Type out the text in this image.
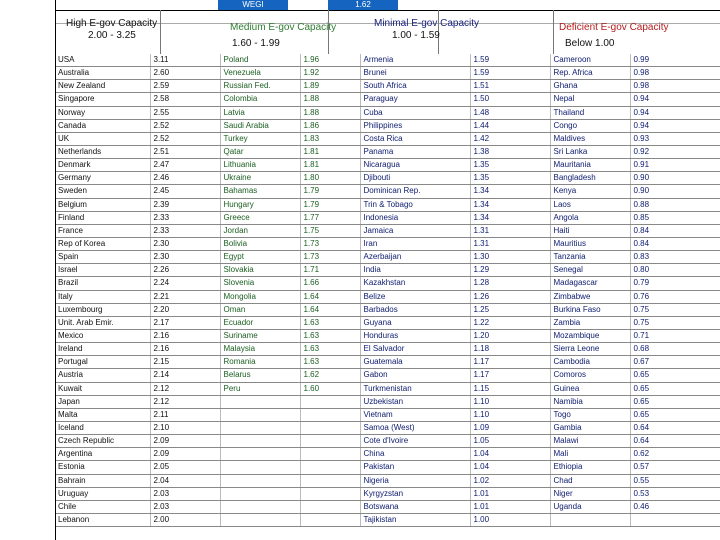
WEGI	1.62
High E-gov Capacity
2.00 - 3.25
Medium E-gov Capacity
1.60 - 1.99
Minimal E-gov Capacity
1.00 - 1.59
Deficient E-gov Capacity
Below 1.00
USA	3.11	Poland	1.96	Armenia	1.59	Cameroon	0.99
Australia	2.60	Venezuela	1.92	Brunei	1.59	Rep. Africa	0.98
New Zealand	2.59	Russian Fed.	1.89	South Africa	1.51	Ghana	0.98
Singapore	2.58	Colombia	1.88	Paraguay	1.50	Nepal	0.94
Norway	2.55	Latvia	1.88	Cuba	1.48	Thailand	0.94
Canada	2.52	Saudi Arabia	1.86	Philippines	1.44	Congo	0.94
UK	2.52	Turkey	1.83	Costa Rica	1.42	Maldives	0.93
Netherlands	2.51	Qatar	1.81	Panama	1.38	Sri Lanka	0.92
Denmark	2.47	Lithuania	1.81	Nicaragua	1.35	Mauritania	0.91
Germany	2.46	Ukraine	1.80	Djibouti	1.35	Bangladesh	0.90
Sweden	2.45	Bahamas	1.79	Dominican Rep.	1.34	Kenya	0.90
Belgium	2.39	Hungary	1.79	Trin & Tobago	1.34	Laos	0.88
Finland	2.33	Greece	1.77	Indonesia	1.34	Angola	0.85
France	2.33	Jordan	1.75	Jamaica	1.31	Haiti	0.84
Rep of Korea	2.30	Bolivia	1.73	Iran	1.31	Mauritius	0.84
Spain	2.30	Egypt	1.73	Azerbaijan	1.30	Tanzania	0.83
Israel	2.26	Slovakia	1.71	India	1.29	Senegal	0.80
Brazil	2.24	Slovenia	1.66	Kazakhstan	1.28	Madagascar	0.79
Italy	2.21	Mongolia	1.64	Belize	1.26	Zimbabwe	0.76
Luxembourg	2.20	Oman	1.64	Barbados	1.25	Burkina Faso	0.75
Unit. Arab Emir.	2.17	Ecuador	1.63	Guyana	1.22	Zambia	0.75
Mexico	2.16	Suriname	1.63	Honduras	1.20	Mozambique	0.71
Ireland	2.16	Malaysia	1.63	El Salvador	1.18	Sierra Leone	0.68
Portugal	2.15	Romania	1.63	Guatemala	1.17	Cambodia	0.67
Austria	2.14	Belarus	1.62	Gabon	1.17	Comoros	0.65
Kuwait	2.12	Peru	1.60	Turkmenistan	1.15	Guinea	0.65
Japan	2.12			Uzbekistan	1.10	Namibia	0.65
Malta	2.11			Vietnam	1.10	Togo	0.65
Iceland	2.10			Samoa (West)	1.09	Gambia	0.64
Czech Republic	2.09			Cote d'Ivoire	1.05	Malawi	0.64
Argentina	2.09			China	1.04	Mali	0.62
Estonia	2.05			Pakistan	1.04	Ethiopia	0.57
Bahrain	2.04			Nigeria	1.02	Chad	0.55
Uruguay	2.03			Kyrgyzstan	1.01	Niger	0.53
Chile	2.03			Botswana	1.01	Uganda	0.46
Lebanon	2.00			Tajikistan	1.00		
